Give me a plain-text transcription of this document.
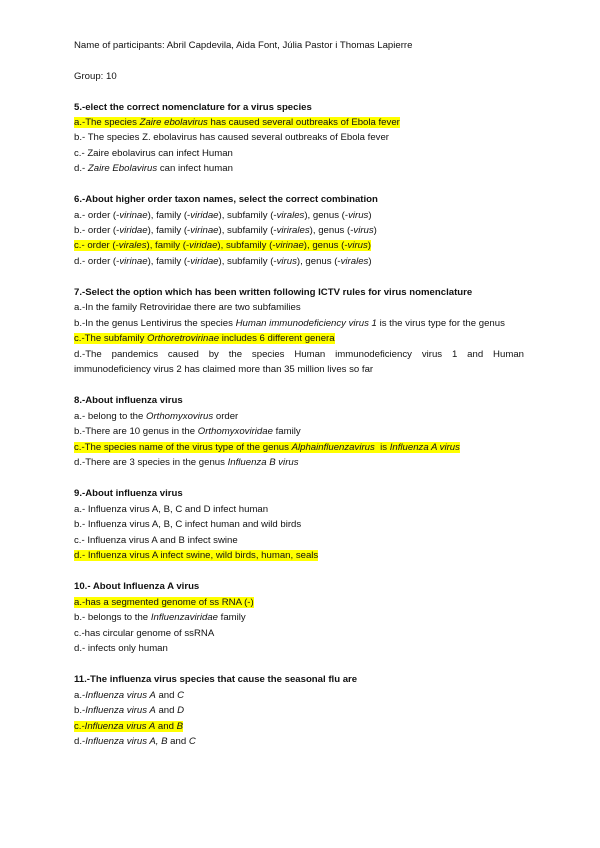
Name of participants: Abril Capdevila, Aida Font, Júlia Pastor i Thomas Lapierre
Group: 10
5.-elect the correct nomenclature for a virus species
a.-The species Zaire ebolavirus has caused several outbreaks of Ebola fever
b.- The species Z. ebolavirus has caused several outbreaks of Ebola fever
c.- Zaire ebolavirus can infect Human
d.- Zaire Ebolavirus can infect human
6.-About higher order taxon names, select the correct combination
a.- order (-virinae), family (-viridae), subfamily (-virales), genus (-virus)
b.- order (-viridae), family (-virinae), subfamily (-virirales), genus (-virus)
c.- order (-virales), family (-viridae), subfamily (-virinae), genus (-virus)
d.- order (-virinae), family (-viridae), subfamily (-virus), genus (-virales)
7.-Select the option which has been written following ICTV rules for virus nomenclature
a.-In the family Retroviridae there are two subfamilies
b.-In the genus Lentivirus the species Human immunodeficiency virus 1 is the virus type for the genus
c.-The subfamily Orthoretrovirinae includes 6 different genera
d.-The pandemics caused by the species Human immunodeficiency virus 1 and Human
immunodeficiency virus 2 has claimed more than 35 million lives so far
8.-About influenza virus
a.- belong to the Orthomyxovirus order
b.-There are 10 genus in the Orthomyxoviridae family
c.-The species name of the virus type of the genus Alphainfluenzavirus  is Influenza A virus
d.-There are 3 species in the genus Influenza B virus
9.-About influenza virus
a.- Influenza virus A, B, C and D infect human
b.- Influenza virus A, B, C infect human and wild birds
c.- Influenza virus A and B infect swine
d.- Influenza virus A infect swine, wild birds, human, seals
10.- About Influenza A virus
a.-has a segmented genome of ss RNA (-)
b.- belongs to the Influenzaviridae family
c.-has circular genome of ssRNA
d.- infects only human
11.-The influenza virus species that cause the seasonal flu are
a.-Influenza virus A and C
b.-Influenza virus A and D
c.-Influenza virus A and B
d.-Influenza virus A, B and C
